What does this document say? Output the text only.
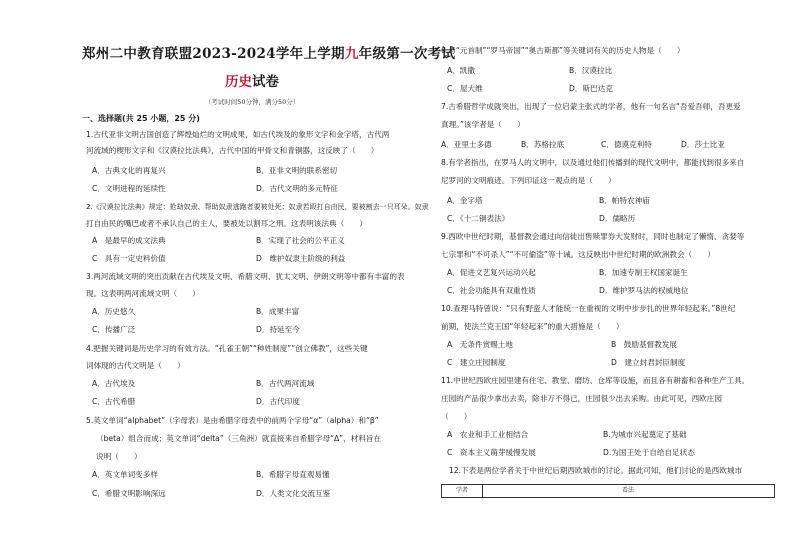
郑州二中教育联盟2023-2024学年上学期九年级第一次考试
历史试卷
（考试时间50分钟，满分50分）
一、选择题(共 25 小题，25 分)
1.古代亚非文明古国创造了辉煌灿烂的文明成果，如古代埃及的象形文字和金字塔，古代两
河流域的楔形文字和《汉谟拉比法典》，古代中国的甲骨文和青铜器，这反映了（　　）
A．古典文化的再复兴	B．亚非文明的联系密切
C．文明进程的延续性	D．古代文明的多元特征
2.《汉谟拉比法典》规定：抢劫奴隶、帮助奴隶逃跑者要被处死；奴隶若殴打自由民，要被割去一只耳朵。奴隶
打自由民的嘴巴或者不承认自己的主人，要被处以割耳之刑。这表明该法典（　　）
A　是最早的成文法典	B　实现了社会的公平正义
C　具有一定史料价值	D　维护奴隶主阶级的利益
3.两河流域文明的突出贡献在古代埃及文明、希腊文明、犹太文明、伊朗文明等中都有丰富的表
现。这表明两河流域文明（　　）
A．历史悠久	B．成果丰富
C．传播广泛	D．持延至今
4.把握关键词是历史学习的有效方法。“孔雀王朝”“种姓制度”“创立佛教”，这些关键
词体现的古代文明是（　　）
A．古代埃及	B．古代两河流域
C．古代希腊	D．古代印度
5.英文单词“alphabet”（字母表）是由希腊字母表中的前两个字母“α”（alpha）和“β”
（beta）组合而成；英文单词“delta”（三角洲）就直接来自希腊字母“Δ”，材料旨在
说明（　　）
A．英文单词变多样	B．希腊字母直观易懂
C．希腊文明影响深远	D．人类文化交流互鉴
6.与“元首制”“罗马帝国”“奥古斯都”等关键词有关的历史人物是（　　）
A．凯撒	B．汉谟拉比
C．屋大维	D．斯巴达克
7.古希腊哲学成就突出，出现了一位启蒙主张式的学者，他有一句名言“吾爱吾师，吾更爱
真理。”该学者是（　　）
A．亚里士多德	B．苏格拉底	C．德谟克利特	D．莎士比亚
8.有学者指出，在罗马人的文明中，以及通过他们传播到的现代文明中，都能找到很多来自
尼罗河的文明痕迹。下列印证这一观点的是（　　）
A．金字塔	B．帕特农神庙
C．《十二铜表法》	D．儒略历
9.西欧中世纪时期，基督教会通过向信徒出售赎罪券大发财时，同时也制定了懒惰、贪婪等
七宗罪和“不可杀人”“不可偷盗”等十诫。这反映出中世纪时期的欧洲教会（　　）
A．促进文艺复兴运动兴起	B．加速专制王权国家诞生
C．社会功能具有双重性质	D．维护罗马法的权威地位
10.查理马特曾说：“只有野蛮人才能统一在重视的文明中步步扎的世界年轻起来。”8世纪
前期，使法兰克王国“年轻起来”的重大措施是（　　）
A　无条件赏赐土地	B　鼓励基督教发展
C　建立庄园制度	D　建立封君封臣制度
11.中世纪西欧庄园里建有住宅、教堂、磨坊、仓库等设施，而且各有耕畜和各种生产工具。
庄园的产品很少拿出去卖，除非万不得已，庄园很少出去采购。由此可见，西欧庄园
（　　）
A　农业和手工业相结合	B.为城市兴起奠定了基础
C　资本主义萌芽缓慢发展	D.为国王处于自给自足状态
12.下表是两位学者关于中世纪后期西欧城市的讨论。据此可知，他们讨论的是西欧城市
学者	看法
